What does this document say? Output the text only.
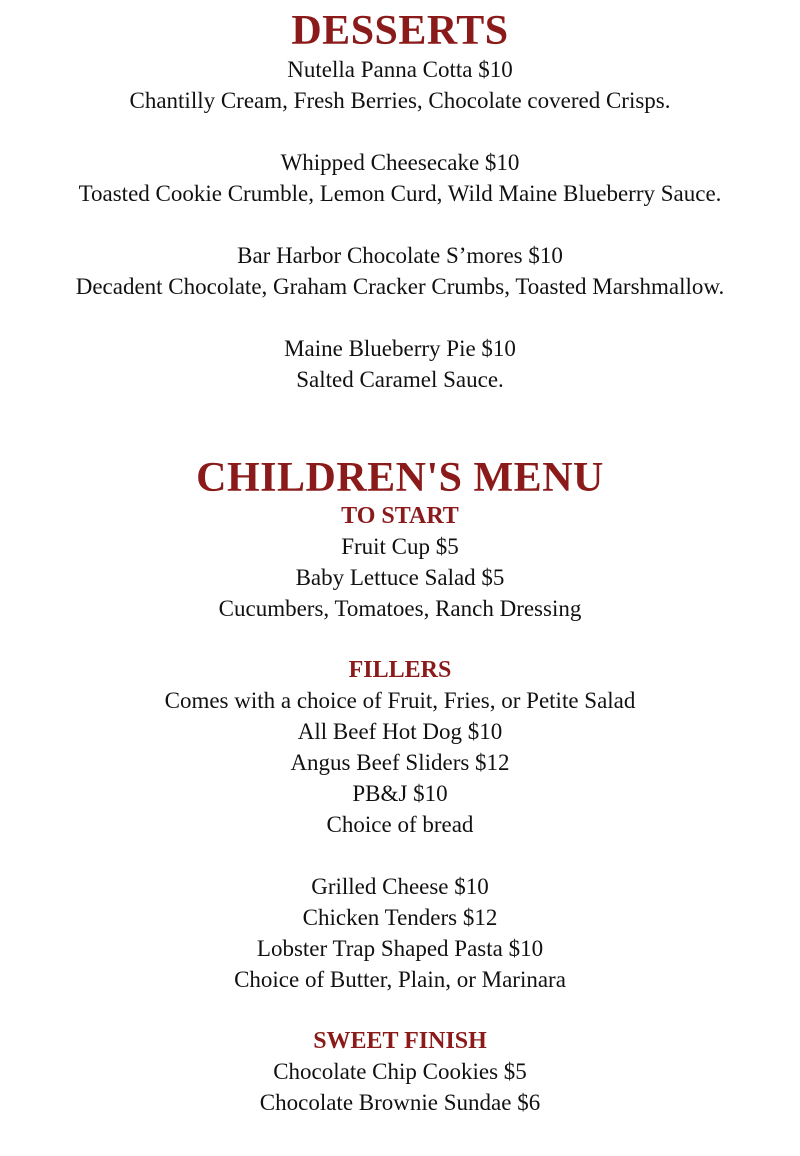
DESSERTS

Nutella Panna Cotta $10

Chantilly Cream, Fresh Berries, Chocolate covered Crisps.

Whipped Cheesecake $10

Toasted Cookie Crumble, Lemon Curd, Wild Maine Blueberry Sauce.

Bar Harbor Chocolate S’mores $10

Decadent Chocolate, Graham Cracker Crumbs, Toasted Marshmallow.

Maine Blueberry Pie $10

Salted Caramel Sauce.

CHILDREN'S MENU
TO START

Fruit Cup $5

Baby Lettuce Salad $5

Cucumbers, Tomatoes, Ranch Dressing

FILLERS

Comes with a choice of Fruit, Fries, or Petite Salad

All Beef Hot Dog $10

Angus Beef Sliders $12

PB&J $10

Choice of bread

Grilled Cheese $10

Chicken Tenders $12

Lobster Trap Shaped Pasta $10

Choice of Butter, Plain, or Marinara

SWEET FINISH

Chocolate Chip Cookies $5

Chocolate Brownie Sundae $6
